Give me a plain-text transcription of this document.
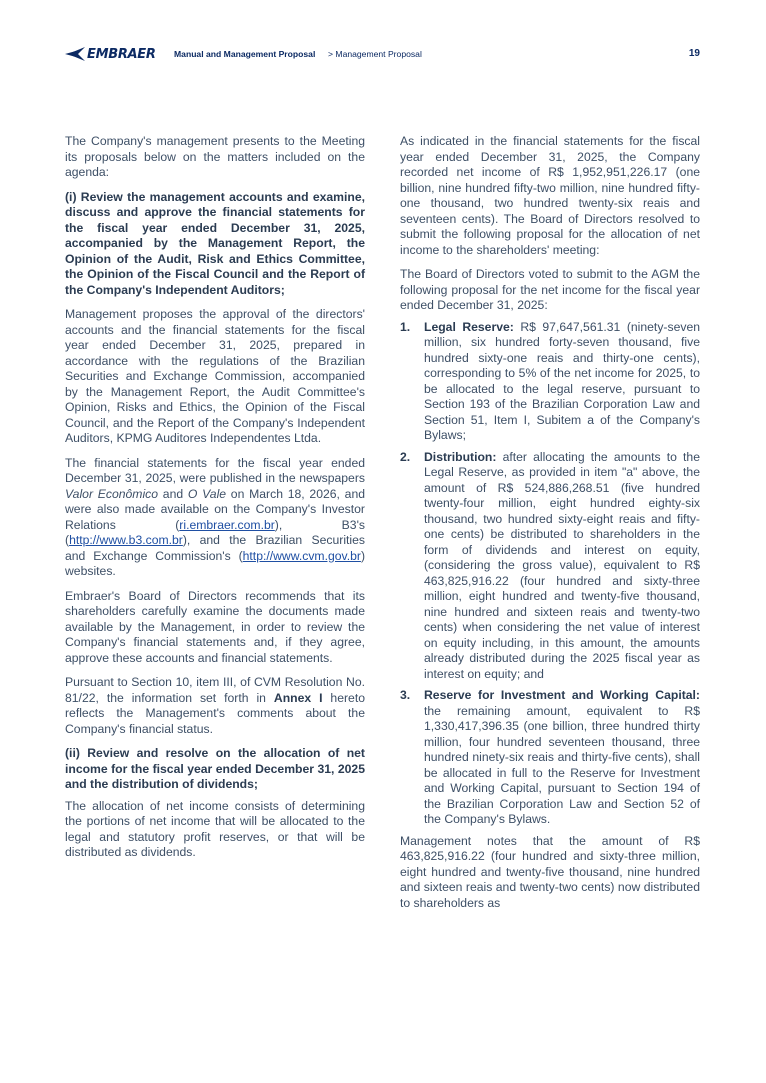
EMBRAER Manual and Management Proposal > Management Proposal	19

The Company's management presents to the Meeting its proposals below on the matters included on the agenda:

(i) Review the management accounts and examine, discuss and approve the financial statements for the fiscal year ended December 31, 2025, accompanied by the Management Report, the Opinion of the Audit, Risk and Ethics Committee, the Opinion of the Fiscal Council and the Report of the Company's Independent Auditors;

Management proposes the approval of the directors' accounts and the financial statements for the fiscal year ended December 31, 2025, prepared in accordance with the regulations of the Brazilian Securities and Exchange Commission, accompanied by the Management Report, the Audit Committee's Opinion, Risks and Ethics, the Opinion of the Fiscal Council, and the Report of the Company's Independent Auditors, KPMG Auditores Independentes Ltda.

The financial statements for the fiscal year ended December 31, 2025, were published in the newspapers Valor Econômico and O Vale on March 18, 2026, and were also made available on the Company's Investor Relations (ri.embraer.com.br), B3's (http://www.b3.com.br), and the Brazilian Securities and Exchange Commission's (http://www.cvm.gov.br) websites.

Embraer's Board of Directors recommends that its shareholders carefully examine the documents made available by the Management, in order to review the Company's financial statements and, if they agree, approve these accounts and financial statements.

Pursuant to Section 10, item III, of CVM Resolution No. 81/22, the information set forth in Annex I hereto reflects the Management's comments about the Company's financial status.

(ii) Review and resolve on the allocation of net income for the fiscal year ended December 31, 2025 and the distribution of dividends;

The allocation of net income consists of determining the portions of net income that will be allocated to the legal and statutory profit reserves, or that will be distributed as dividends.

As indicated in the financial statements for the fiscal year ended December 31, 2025, the Company recorded net income of R$ 1,952,951,226.17 (one billion, nine hundred fifty-two million, nine hundred fifty-one thousand, two hundred twenty-six reais and seventeen cents). The Board of Directors resolved to submit the following proposal for the allocation of net income to the shareholders' meeting:

The Board of Directors voted to submit to the AGM the following proposal for the net income for the fiscal year ended December 31, 2025:

1. Legal Reserve: R$ 97,647,561.31 (ninety-seven million, six hundred forty-seven thousand, five hundred sixty-one reais and thirty-one cents), corresponding to 5% of the net income for 2025, to be allocated to the legal reserve, pursuant to Section 193 of the Brazilian Corporation Law and Section 51, Item I, Subitem a of the Company's Bylaws;
2. Distribution: after allocating the amounts to the Legal Reserve, as provided in item "a" above, the amount of R$ 524,886,268.51 (five hundred twenty-four million, eight hundred eighty-six thousand, two hundred sixty-eight reais and fifty-one cents) be distributed to shareholders in the form of dividends and interest on equity, (considering the gross value), equivalent to R$ 463,825,916.22 (four hundred and sixty-three million, eight hundred and twenty-five thousand, nine hundred and sixteen reais and twenty-two cents) when considering the net value of interest on equity including, in this amount, the amounts already distributed during the 2025 fiscal year as interest on equity; and
3. Reserve for Investment and Working Capital: the remaining amount, equivalent to R$ 1,330,417,396.35 (one billion, three hundred thirty million, four hundred seventeen thousand, three hundred ninety-six reais and thirty-five cents), shall be allocated in full to the Reserve for Investment and Working Capital, pursuant to Section 194 of the Brazilian Corporation Law and Section 52 of the Company's Bylaws.

Management notes that the amount of R$ 463,825,916.22 (four hundred and sixty-three million, eight hundred and twenty-five thousand, nine hundred and sixteen reais and twenty-two cents) now distributed to shareholders as
